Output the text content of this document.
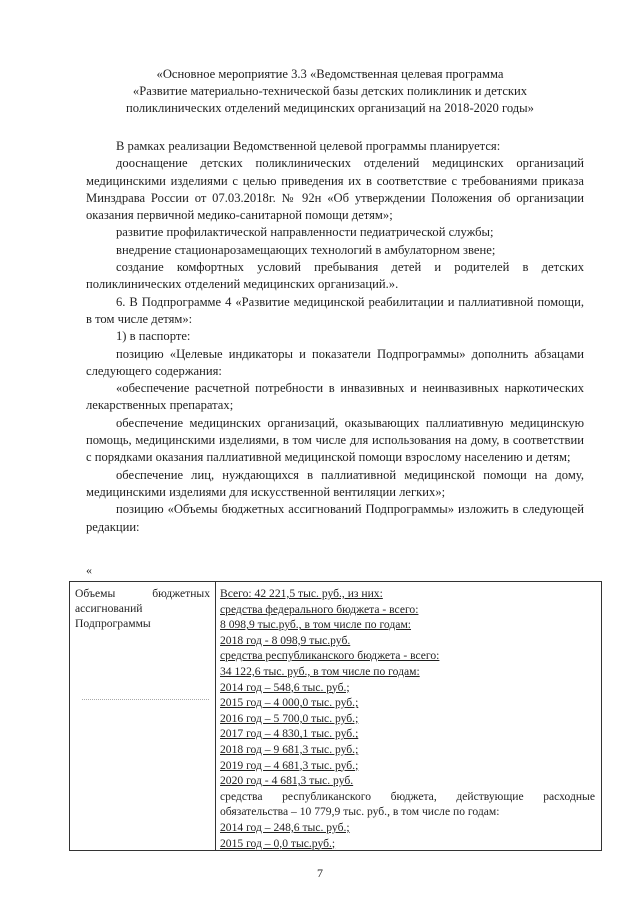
«Основное мероприятие 3.3 «Ведомственная целевая программа
«Развитие материально-технической базы детских поликлиник и детских
поликлинических отделений медицинских организаций на 2018-2020 годы»

В рамках реализации Ведомственной целевой программы планируется:

дооснащение детских поликлинических отделений медицинских организаций медицинскими изделиями с целью приведения их в соответствие с требованиями приказа Минздрава России от 07.03.2018г. № 92н «Об утверждении Положения об организации оказания первичной медико-санитарной помощи детям»;

развитие профилактической направленности педиатрической службы;

внедрение стационарозамещающих технологий в амбулаторном звене;

создание комфортных условий пребывания детей и родителей в детских поликлинических отделений медицинских организаций.».

6. В Подпрограмме 4 «Развитие медицинской реабилитации и паллиативной помощи, в том числе детям»:

1) в паспорте:

позицию «Целевые индикаторы и показатели Подпрограммы» дополнить абзацами следующего содержания:

«обеспечение расчетной потребности в инвазивных и неинвазивных наркотических лекарственных препаратах;

обеспечение медицинских организаций, оказывающих паллиативную медицинскую помощь, медицинскими изделиями, в том числе для использования на дому, в соответствии с порядками оказания паллиативной медицинской помощи взрослому населению и детям;

обеспечение лиц, нуждающихся в паллиативной медицинской помощи на дому, медицинскими изделиями для искусственной вентиляции легких»;

позицию «Объемы бюджетных ассигнований Подпрограммы» изложить в следующей редакции:

«
Объемы	бюджетных
ассигнований
Подпрограммы
Всего: 42 221,5 тыс. руб., из них:
средства федерального бюджета - всего:
8 098,9 тыс.руб., в том числе по годам:
2018 год - 8 098,9 тыс.руб.
средства республиканского бюджета - всего:
34 122,6 тыс. руб., в том числе по годам:
2014 год – 548,6 тыс. руб.;
2015 год – 4 000,0 тыс. руб.;
2016 год – 5 700,0 тыс. руб.;
2017 год – 4 830,1 тыс. руб.;
2018 год – 9 681,3 тыс. руб.;
2019 год – 4 681,3 тыс. руб.;
2020 год - 4 681,3 тыс. руб.
средства республиканского бюджета, действующие расходные обязательства – 10 779,9 тыс. руб., в том числе по годам:
2014 год – 248,6 тыс. руб.;
2015 год – 0,0 тыс.руб.;
7
